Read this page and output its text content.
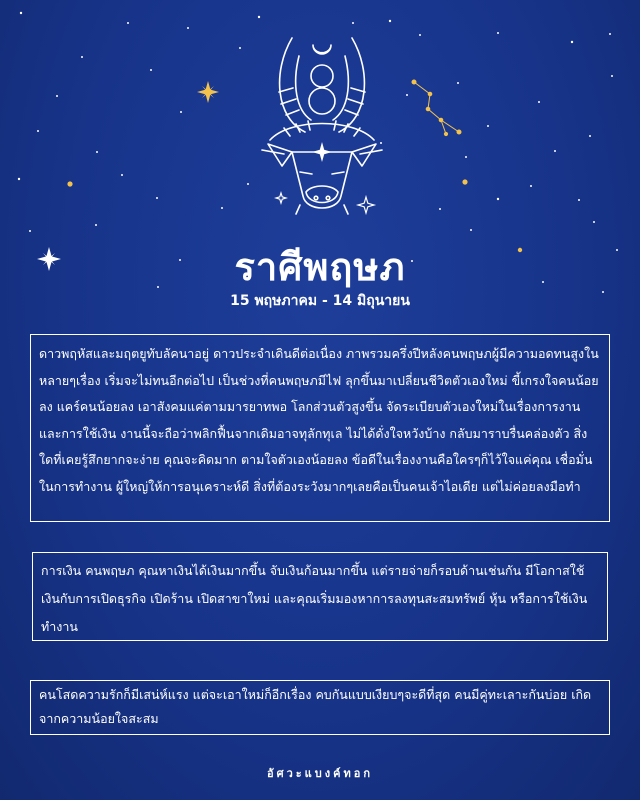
ราศีพฤษภ
15 พฤษภาคม - 14 มิถุนายน
ดาวพฤหัสและมฤตยูทับลัคนาอยู่ ดาวประจำเดินดีต่อเนื่อง ภาพรวมครึ่งปีหลังคนพฤษภผู้มีความอดทนสูงในหลายๆเรื่อง เริ่มจะไม่ทนอีกต่อไป เป็นช่วงที่คนพฤษภมีไฟ ลุกขึ้นมาเปลี่ยนชีวิตตัวเองใหม่ ขี้เกรงใจคนน้อยลง แคร์คนน้อยลง เอาสังคมแค่ตามมารยาทพอ โลกส่วนตัวสูงขึ้น จัดระเบียบตัวเองใหม่ในเรื่องการงานและการใช้เงิน งานนี้จะถือว่าพลิกฟื้นจากเดิมอาจทุลักทุเล ไม่ได้ดั่งใจหวังบ้าง กลับมาราบรื่นคล่องตัว สิ่งใดที่เคยรู้สึกยากจะง่าย คุณจะคิดมาก ตามใจตัวเองน้อยลง ข้อดีในเรื่องงานคือใครๆก็ไว้ใจแค่คุณ เชื่อมั่นในการทำงาน ผู้ใหญ่ให้การอนุเคราะห์ดี สิ่งที่ต้องระวังมากๆเลยคือเป็นคนเจ้าไอเดีย แต่ไม่ค่อยลงมือทำ
การเงิน คนพฤษภ คุณหาเงินได้เงินมากขึ้น จับเงินก้อนมากขึ้น แต่รายจ่ายก็รอบด้านเช่นกัน มีโอกาสใช้เงินกับการเปิดธุรกิจ เปิดร้าน เปิดสาขาใหม่ และคุณเริ่มมองหาการลงทุนสะสมทรัพย์ หุ้น หรือการใช้เงินทำงาน
คนโสดความรักก็มีเสน่ห์แรง แต่จะเอาใหม่ก็อีกเรื่อง คบกันแบบเงียบๆจะดีที่สุด คนมีคู่ทะเลาะกันบ่อย เกิดจากความน้อยใจสะสม
อัศวะแบงค์ทอก
